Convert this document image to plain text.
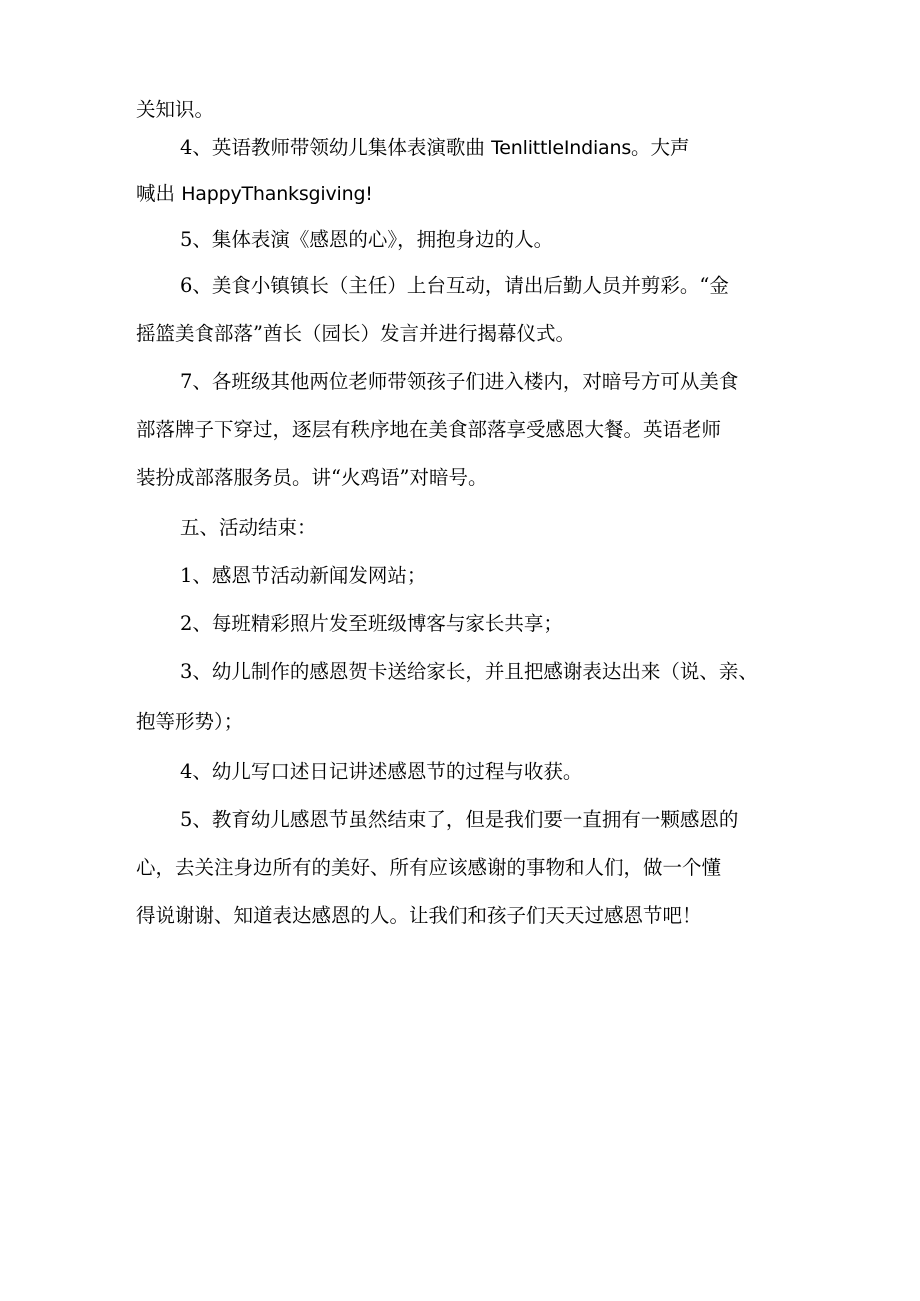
关知识。
4、英语教师带领幼儿集体表演歌曲 TenlittleIndians。大声
喊出 HappyThanksgiving!
5、集体表演《感恩的心》，拥抱身边的人。
6、美食小镇镇长（主任）上台互动，请出后勤人员并剪彩。“金
摇篮美食部落”酋长（园长）发言并进行揭幕仪式。
7、各班级其他两位老师带领孩子们进入楼内，对暗号方可从美食
部落牌子下穿过，逐层有秩序地在美食部落享受感恩大餐。英语老师
装扮成部落服务员。讲“火鸡语”对暗号。
五、活动结束：
1、感恩节活动新闻发网站；
2、每班精彩照片发至班级博客与家长共享；
3、幼儿制作的感恩贺卡送给家长，并且把感谢表达出来（说、亲、
抱等形势）；
4、幼儿写口述日记讲述感恩节的过程与收获。
5、教育幼儿感恩节虽然结束了，但是我们要一直拥有一颗感恩的
心，去关注身边所有的美好、所有应该感谢的事物和人们，做一个懂
得说谢谢、知道表达感恩的人。让我们和孩子们天天过感恩节吧！
